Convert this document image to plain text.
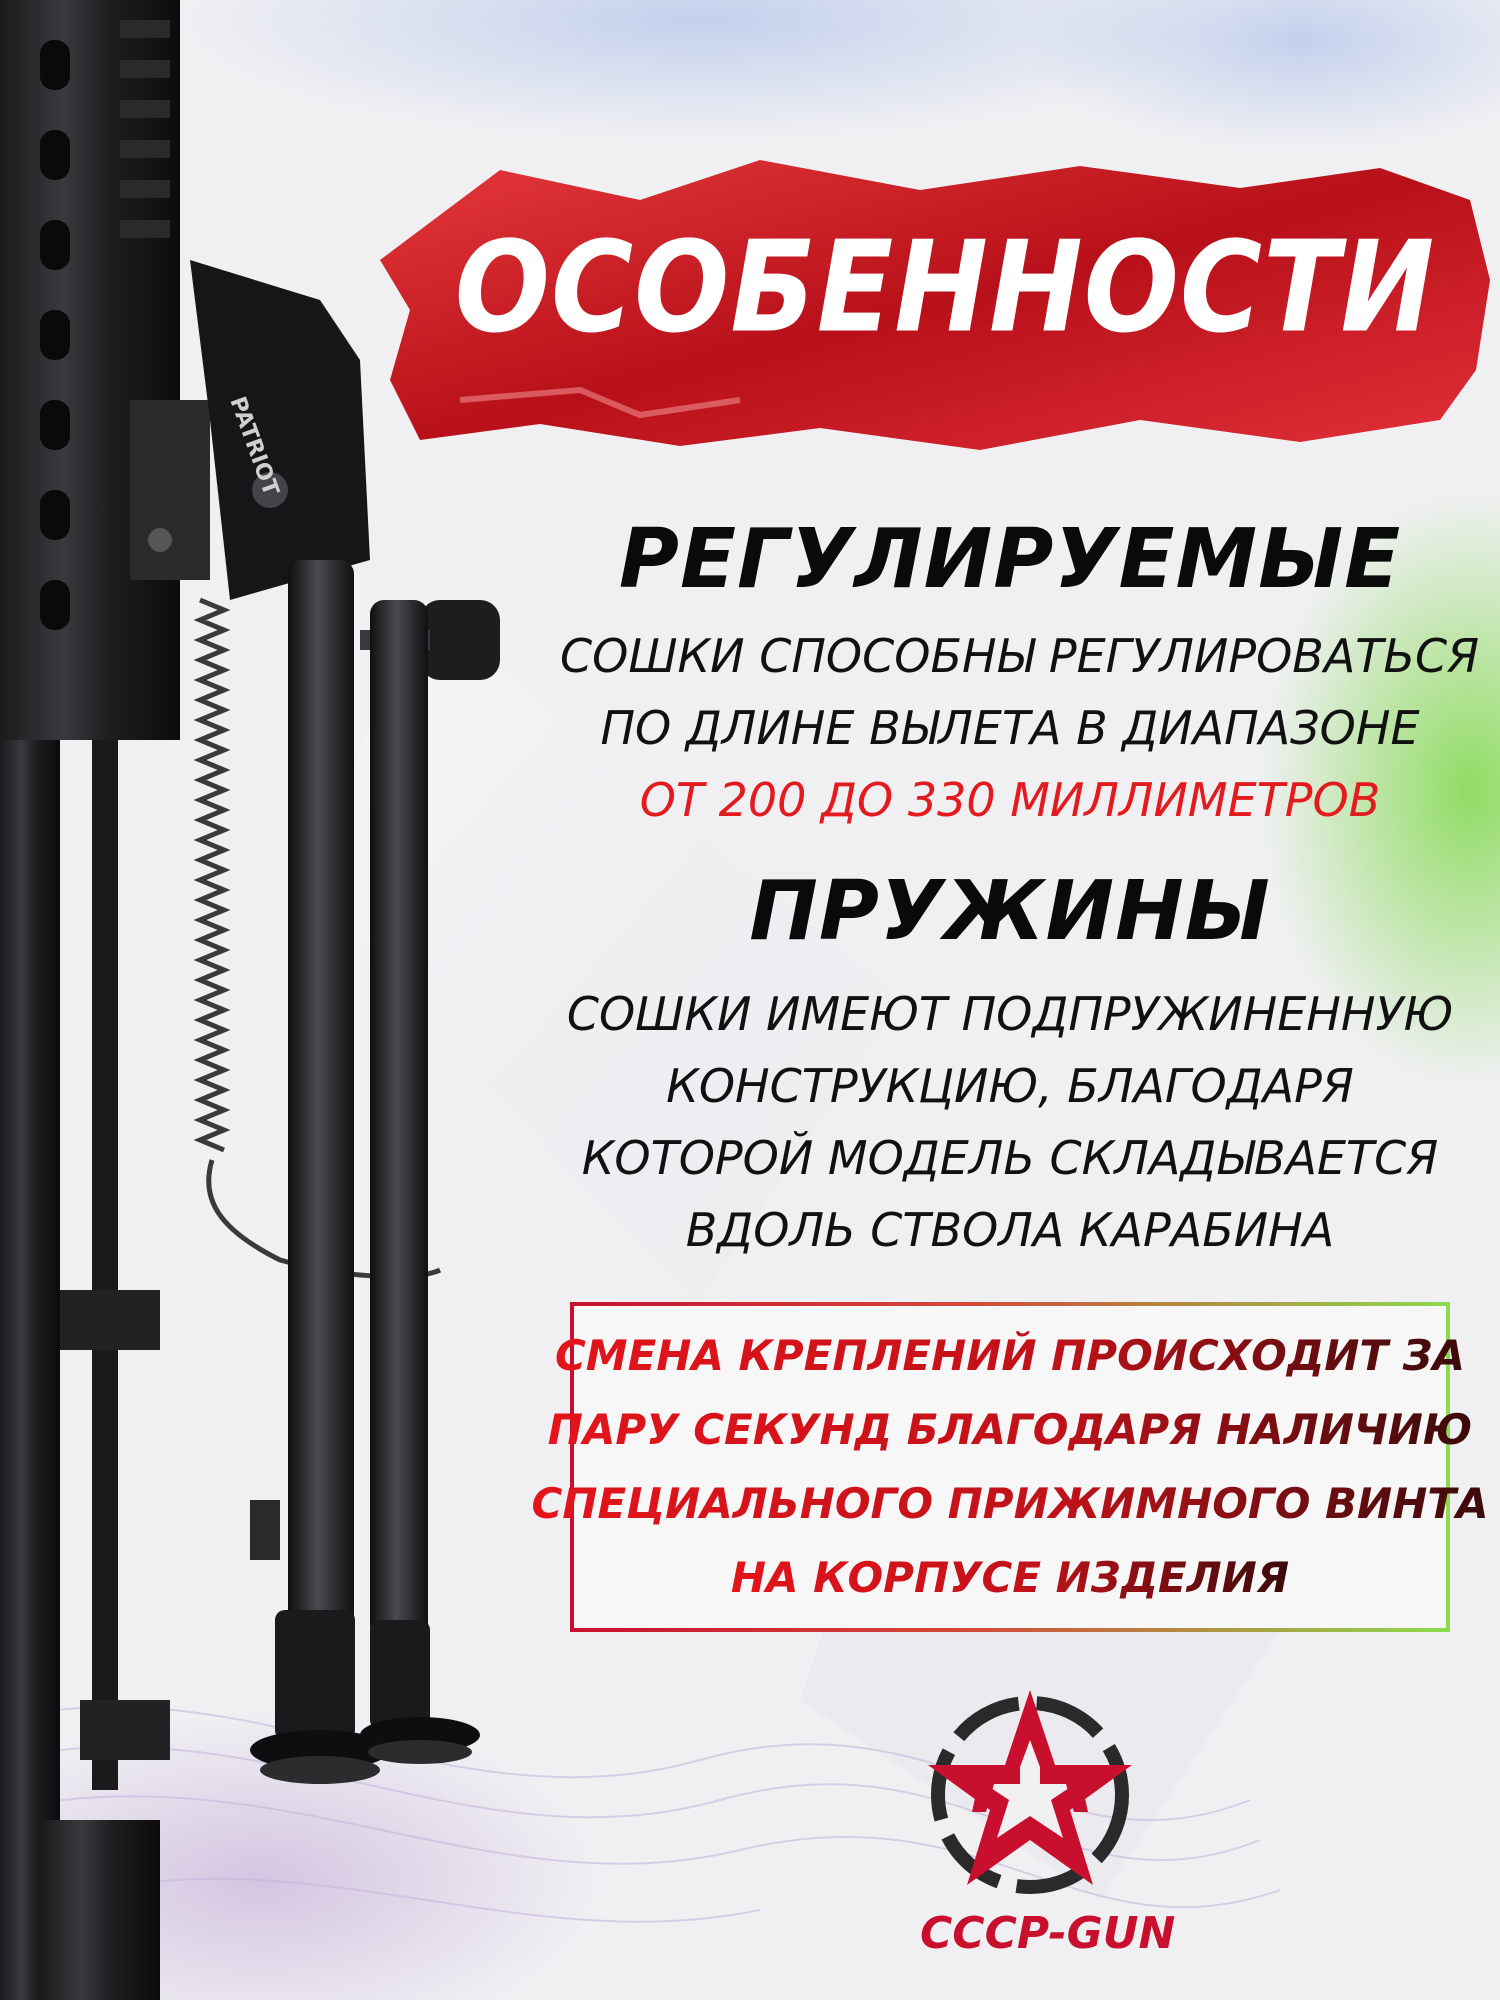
PATRIOT
ОСОБЕННОСТИ
РЕГУЛИРУЕМЫЕ
СОШКИ СПОСОБНЫ РЕГУЛИРОВАТЬСЯ
ПО ДЛИНЕ ВЫЛЕТА В ДИАПАЗОНЕ
ОТ 200 ДО 330 МИЛЛИМЕТРОВ
ПРУЖИНЫ
СОШКИ ИМЕЮТ ПОДПРУЖИНЕННУЮ
КОНСТРУКЦИЮ, БЛАГОДАРЯ
КОТОРОЙ МОДЕЛЬ СКЛАДЫВАЕТСЯ
ВДОЛЬ СТВОЛА КАРАБИНА
СМЕНА КРЕПЛЕНИЙ ПРОИСХОДИТ ЗА
ПАРУ СЕКУНД БЛАГОДАРЯ НАЛИЧИЮ
СПЕЦИАЛЬНОГО ПРИЖИМНОГО ВИНТА
НА КОРПУСЕ ИЗДЕЛИЯ
CCCP-GUN
